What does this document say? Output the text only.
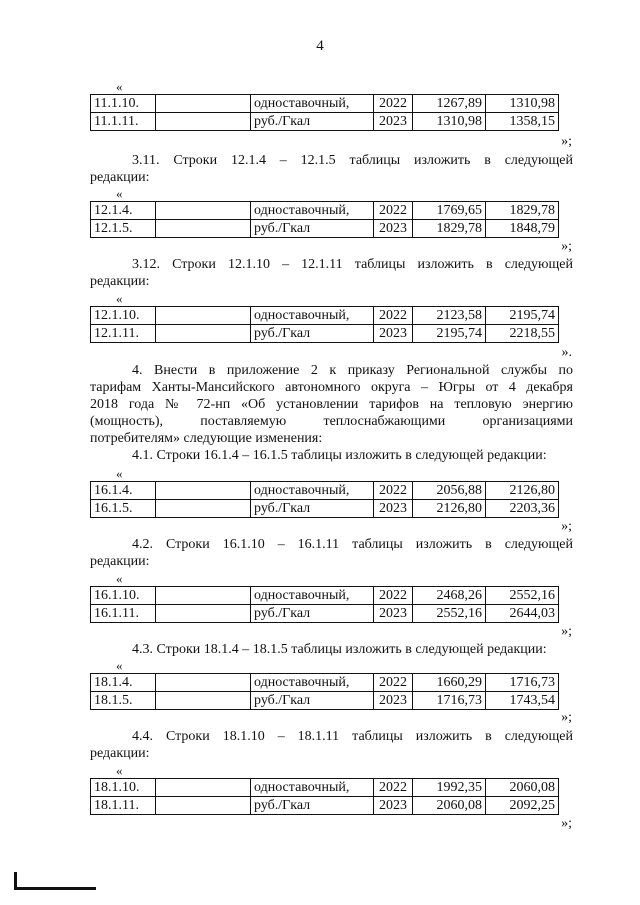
4
«
11.1.10.		одноставочный,	2022	1267,89	1310,98
11.1.11.		руб./Гкал	2023	1310,98	1358,15
»;
3.11. Строки 12.1.4 – 12.1.5 таблицы изложить в следующей
редакции:
«
12.1.4.		одноставочный,	2022	1769,65	1829,78
12.1.5.		руб./Гкал	2023	1829,78	1848,79
»;
3.12. Строки 12.1.10 – 12.1.11 таблицы изложить в следующей
редакции:
«
12.1.10.		одноставочный,	2022	2123,58	2195,74
12.1.11.		руб./Гкал	2023	2195,74	2218,55
».
4. Внести в приложение 2 к приказу Региональной службы по
тарифам Ханты-Мансийского автономного округа – Югры от 4 декабря
2018 года № 72-нп «Об установлении тарифов на тепловую энергию
(мощность), поставляемую теплоснабжающими организациями
потребителям» следующие изменения:
4.1. Строки 16.1.4 – 16.1.5 таблицы изложить в следующей редакции:
«
16.1.4.		одноставочный,	2022	2056,88	2126,80
16.1.5.		руб./Гкал	2023	2126,80	2203,36
»;
4.2. Строки 16.1.10 – 16.1.11 таблицы изложить в следующей
редакции:
«
16.1.10.		одноставочный,	2022	2468,26	2552,16
16.1.11.		руб./Гкал	2023	2552,16	2644,03
»;
4.3. Строки 18.1.4 – 18.1.5 таблицы изложить в следующей редакции:
«
18.1.4.		одноставочный,	2022	1660,29	1716,73
18.1.5.		руб./Гкал	2023	1716,73	1743,54
»;
4.4. Строки 18.1.10 – 18.1.11 таблицы изложить в следующей
редакции:
«
18.1.10.		одноставочный,	2022	1992,35	2060,08
18.1.11.		руб./Гкал	2023	2060,08	2092,25
»;
